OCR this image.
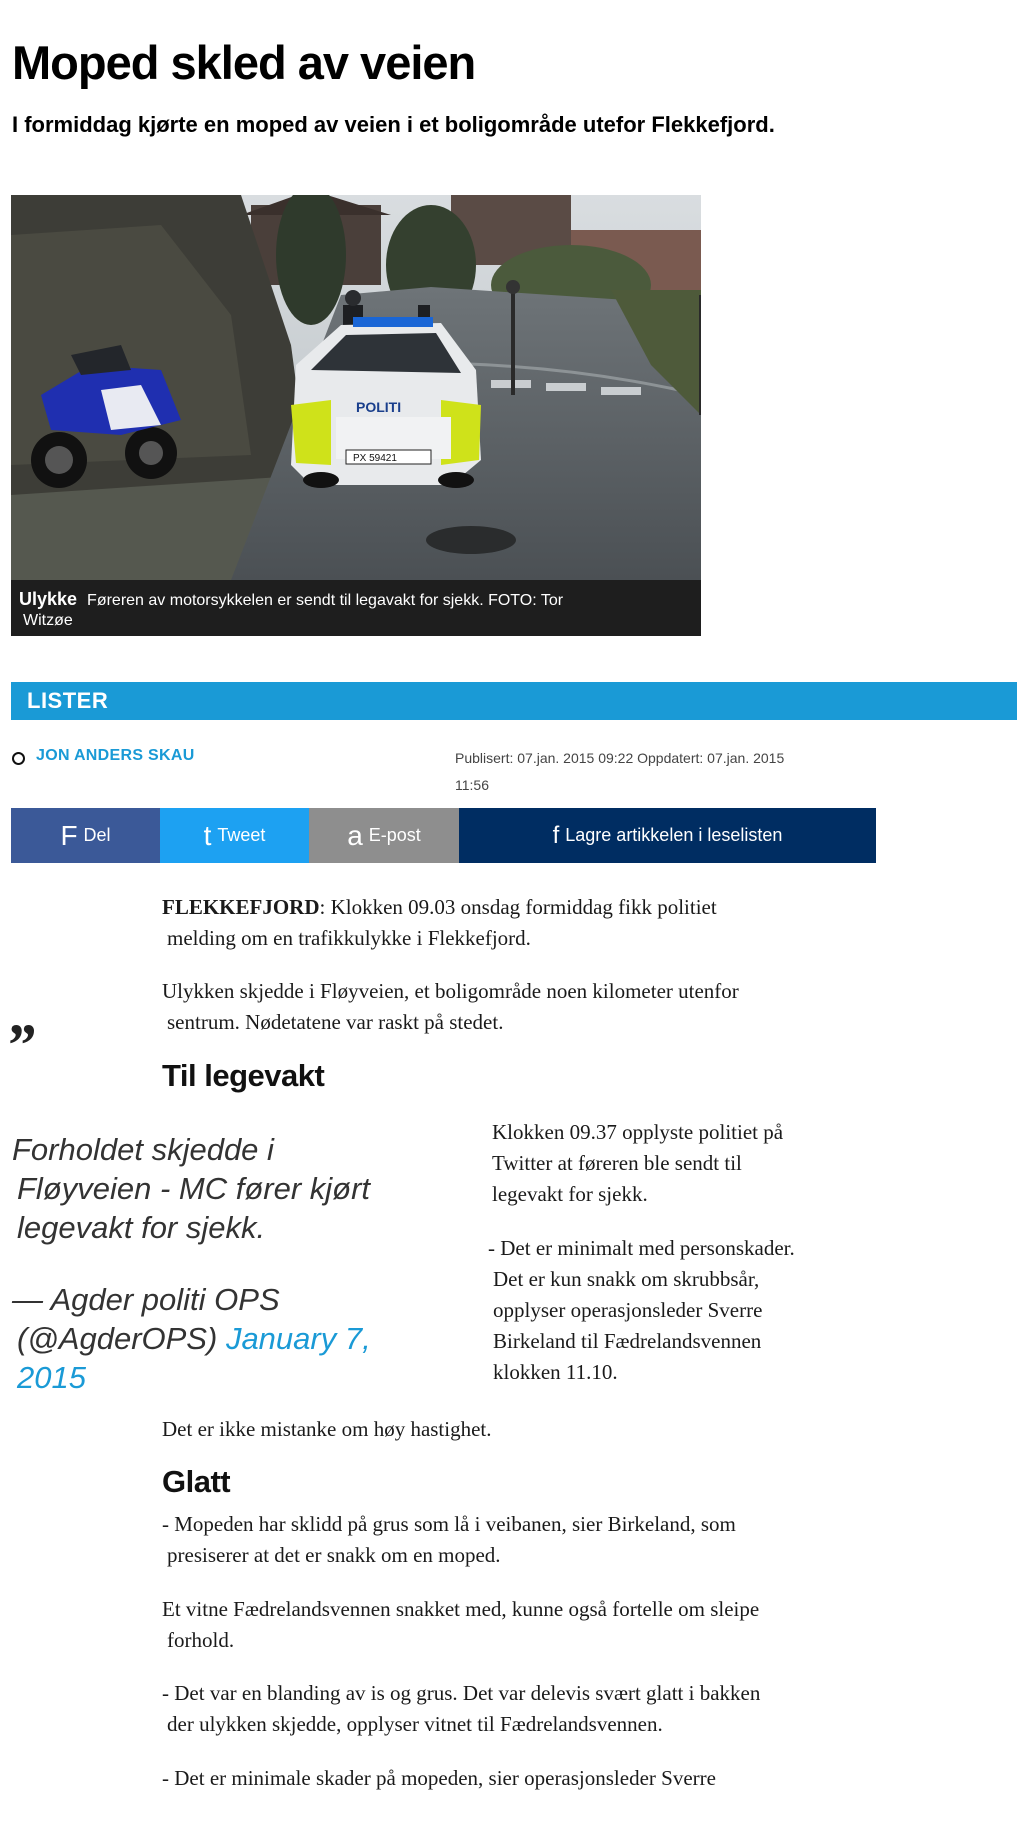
Moped skled av veien
I formiddag kjørte en moped av veien i et boligområde utefor Flekkefjord.
POLITI
PX 59421
Ulykke Føreren av motorsykkelen er sendt til legavakt for sjekk. FOTO: Tor
Witzøe
LISTER
JON ANDERS SKAU	Publisert: 07.jan. 2015 09:22 Oppdatert: 07.jan. 2015
11:56
F Del	t Tweet	a E-post	f Lagre artikkelen i leselisten
FLEKKEFJORD: Klokken 09.03 onsdag formiddag fikk politiet
melding om en trafikkulykke i Flekkefjord.
Ulykken skjedde i Fløyveien, et boligområde noen kilometer utenfor
sentrum. Nødetatene var raskt på stedet.
”	Til legevakt
Forholdet skjedde i
Fløyveien - MC fører kjørt
legevakt for sjekk.
— Agder politi OPS
(@AgderOPS) January 7,
2015
Klokken 09.37 opplyste politiet på
Twitter at føreren ble sendt til
legevakt for sjekk.
- Det er minimalt med personskader.
Det er kun snakk om skrubbsår,
opplyser operasjonsleder Sverre
Birkeland til Fædrelandsvennen
klokken 11.10.
Det er ikke mistanke om høy hastighet.
Glatt
- Mopeden har sklidd på grus som lå i veibanen, sier Birkeland, som
presiserer at det er snakk om en moped.
Et vitne Fædrelandsvennen snakket med, kunne også fortelle om sleipe
forhold.
- Det var en blanding av is og grus. Det var delevis svært glatt i bakken
der ulykken skjedde, opplyser vitnet til Fædrelandsvennen.
- Det er minimale skader på mopeden, sier operasjonsleder Sverre
